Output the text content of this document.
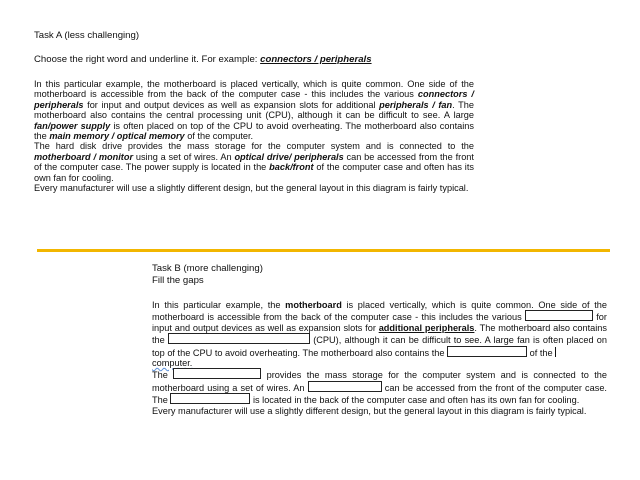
Task A (less challenging)
Choose the right word and underline it. For example: connectors / peripherals
In this particular example, the motherboard is placed vertically, which is quite common. One side of the motherboard is accessible from the back of the computer case - this includes the various connectors / peripherals for input and output devices as well as expansion slots for additional peripherals / fan. The motherboard also contains the central processing unit (CPU), although it can be difficult to see. A large fan/power supply is often placed on top of the CPU to avoid overheating. The motherboard also contains the main memory / optical memory of the computer.
The hard disk drive provides the mass storage for the computer system and is connected to the motherboard / monitor using a set of wires. An optical drive/ peripherals can be accessed from the front of the computer case. The power supply is located in the back/front of the computer case and often has its own fan for cooling.
Every manufacturer will use a slightly different design, but the general layout in this diagram is fairly typical.
Task B (more challenging)
Fill the gaps
In this particular example, the motherboard is placed vertically, which is quite common. One side of the motherboard is accessible from the back of the computer case - this includes the various	for input and output devices as well as expansion slots for additional peripherals. The motherboard also contains the	(CPU), although it can be difficult to see. A large fan is often placed on top of the CPU to avoid overheating. The motherboard also contains the	of the
computer.
The	provides the mass storage for the computer system and is connected to the motherboard using a set of wires. An	can be accessed from the front of the computer case. The	is located in the back of the computer case and often has its own fan for cooling.
Every manufacturer will use a slightly different design, but the general layout in this diagram is fairly typical.
